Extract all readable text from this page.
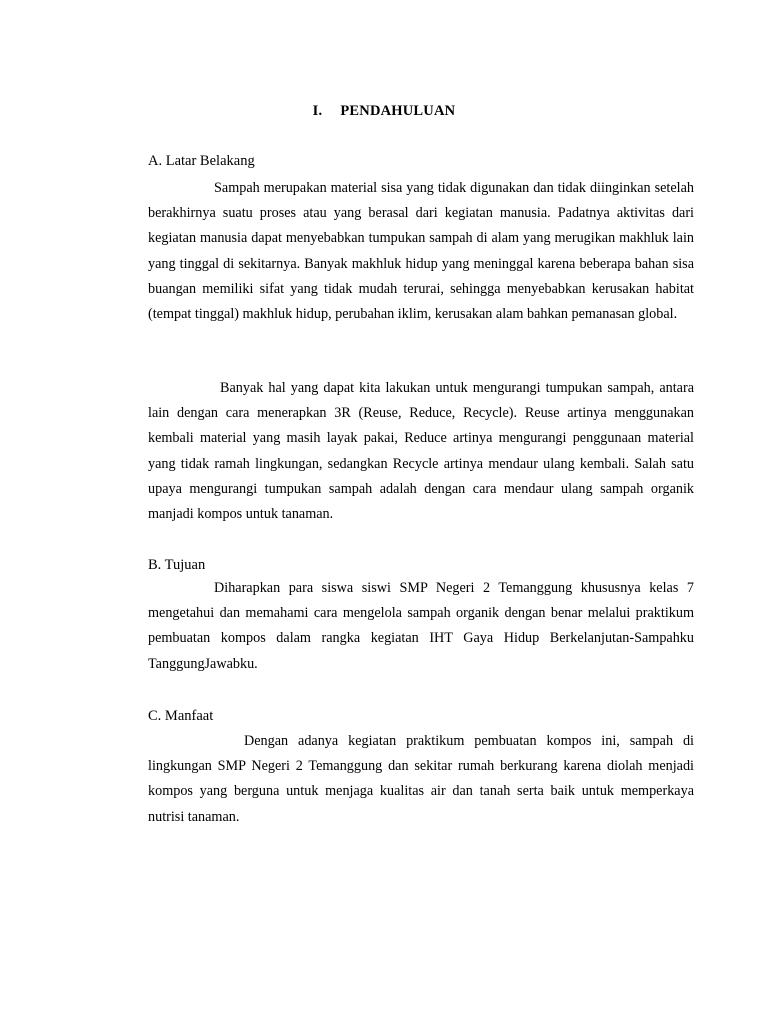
I. PENDAHULUAN
A. Latar Belakang

Sampah merupakan material sisa yang tidak digunakan dan tidak diinginkan setelah berakhirnya suatu proses atau yang berasal dari kegiatan manusia. Padatnya aktivitas dari kegiatan manusia dapat menyebabkan tumpukan sampah di alam yang merugikan makhluk lain yang tinggal di sekitarnya. Banyak makhluk hidup yang meninggal karena beberapa bahan sisa buangan memiliki sifat yang tidak mudah terurai, sehingga menyebabkan kerusakan habitat (tempat tinggal) makhluk hidup, perubahan iklim, kerusakan alam bahkan pemanasan global.

Banyak hal yang dapat kita lakukan untuk mengurangi tumpukan sampah, antara lain dengan cara menerapkan 3R (Reuse, Reduce, Recycle). Reuse artinya menggunakan kembali material yang masih layak pakai, Reduce artinya mengurangi penggunaan material yang tidak ramah lingkungan, sedangkan Recycle artinya mendaur ulang kembali. Salah satu upaya mengurangi tumpukan sampah adalah dengan cara mendaur ulang sampah organik manjadi kompos untuk tanaman.

B. Tujuan

Diharapkan para siswa siswi SMP Negeri 2 Temanggung khususnya kelas 7 mengetahui dan memahami cara mengelola sampah organik dengan benar melalui praktikum pembuatan kompos dalam rangka kegiatan IHT Gaya Hidup Berkelanjutan-Sampahku TanggungJawabku.

C. Manfaat

Dengan adanya kegiatan praktikum pembuatan kompos ini, sampah di lingkungan SMP Negeri 2 Temanggung dan sekitar rumah berkurang karena diolah menjadi kompos yang berguna untuk menjaga kualitas air dan tanah serta baik untuk memperkaya nutrisi tanaman.
